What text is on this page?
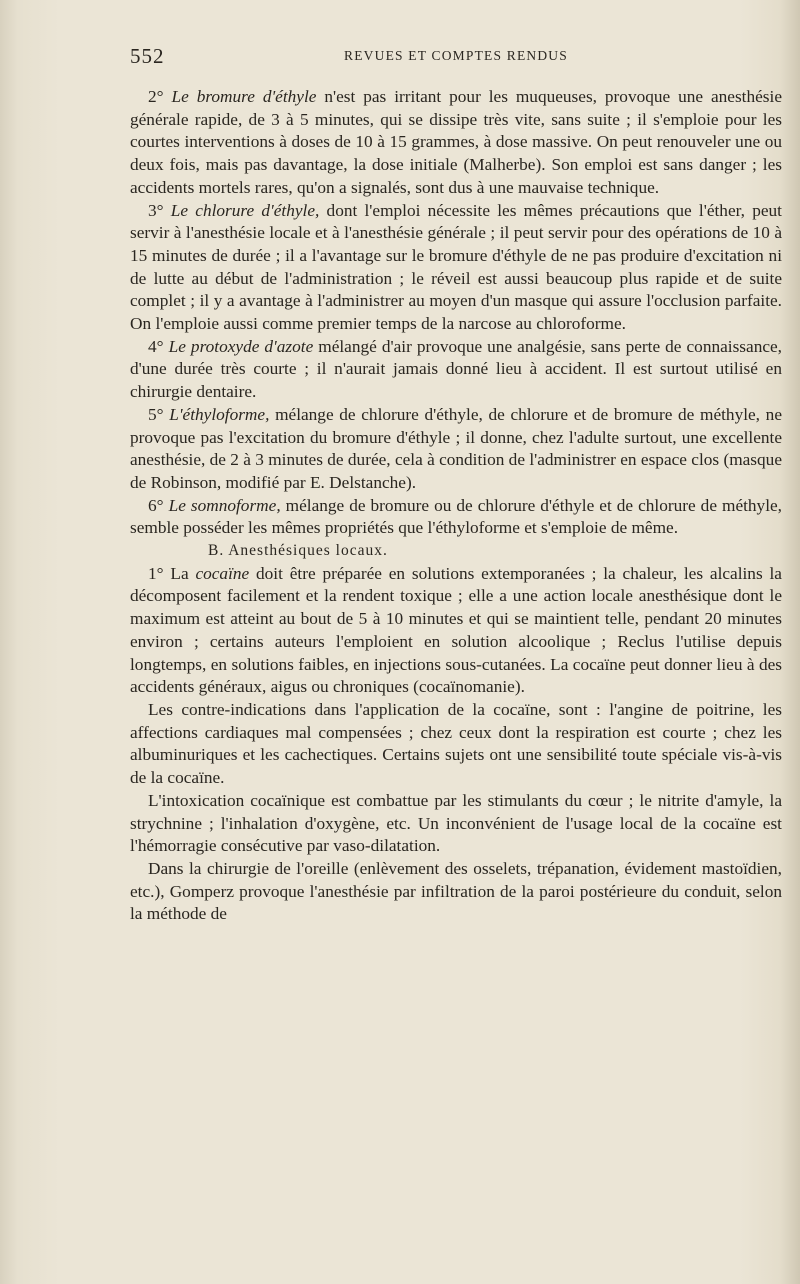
552	REVUES ET COMPTES RENDUS

2° Le bromure d'éthyle n'est pas irritant pour les muqueuses, provoque une anesthésie générale rapide, de 3 à 5 minutes, qui se dissipe très vite, sans suite ; il s'emploie pour les courtes interventions à doses de 10 à 15 grammes, à dose massive. On peut renouveler une ou deux fois, mais pas davantage, la dose initiale (Malherbe). Son emploi est sans danger ; les accidents mortels rares, qu'on a signalés, sont dus à une mauvaise technique.

3° Le chlorure d'éthyle, dont l'emploi nécessite les mêmes précautions que l'éther, peut servir à l'anesthésie locale et à l'anesthésie générale ; il peut servir pour des opérations de 10 à 15 minutes de durée ; il a l'avantage sur le bromure d'éthyle de ne pas produire d'excitation ni de lutte au début de l'administration ; le réveil est aussi beaucoup plus rapide et de suite complet ; il y a avantage à l'administrer au moyen d'un masque qui assure l'occlusion parfaite. On l'emploie aussi comme premier temps de la narcose au chloroforme.

4° Le protoxyde d'azote mélangé d'air provoque une analgésie, sans perte de connaissance, d'une durée très courte ; il n'aurait jamais donné lieu à accident. Il est surtout utilisé en chirurgie dentaire.

5° L'éthyloforme, mélange de chlorure d'éthyle, de chlorure et de bromure de méthyle, ne provoque pas l'excitation du bromure d'éthyle ; il donne, chez l'adulte surtout, une excellente anesthésie, de 2 à 3 minutes de durée, cela à condition de l'administrer en espace clos (masque de Robinson, modifié par E. Delstanche).

6° Le somnoforme, mélange de bromure ou de chlorure d'éthyle et de chlorure de méthyle, semble posséder les mêmes propriétés que l'éthyloforme et s'emploie de même.

B. Anesthésiques locaux.

1° La cocaïne doit être préparée en solutions extemporanées ; la chaleur, les alcalins la décomposent facilement et la rendent toxique ; elle a une action locale anesthésique dont le maximum est atteint au bout de 5 à 10 minutes et qui se maintient telle, pendant 20 minutes environ ; certains auteurs l'emploient en solution alcoolique ; Reclus l'utilise depuis longtemps, en solutions faibles, en injections sous-cutanées. La cocaïne peut donner lieu à des accidents généraux, aigus ou chroniques (cocaïnomanie).

Les contre-indications dans l'application de la cocaïne, sont : l'angine de poitrine, les affections cardiaques mal compensées ; chez ceux dont la respiration est courte ; chez les albuminuriques et les cachectiques. Certains sujets ont une sensibilité toute spéciale vis-à-vis de la cocaïne.

L'intoxication cocaïnique est combattue par les stimulants du cœur ; le nitrite d'amyle, la strychnine ; l'inhalation d'oxygène, etc. Un inconvénient de l'usage local de la cocaïne est l'hémorragie consécutive par vaso-dilatation.

Dans la chirurgie de l'oreille (enlèvement des osselets, trépanation, évidement mastoïdien, etc.), Gomperz provoque l'anesthésie par infiltration de la paroi postérieure du conduit, selon la méthode de
